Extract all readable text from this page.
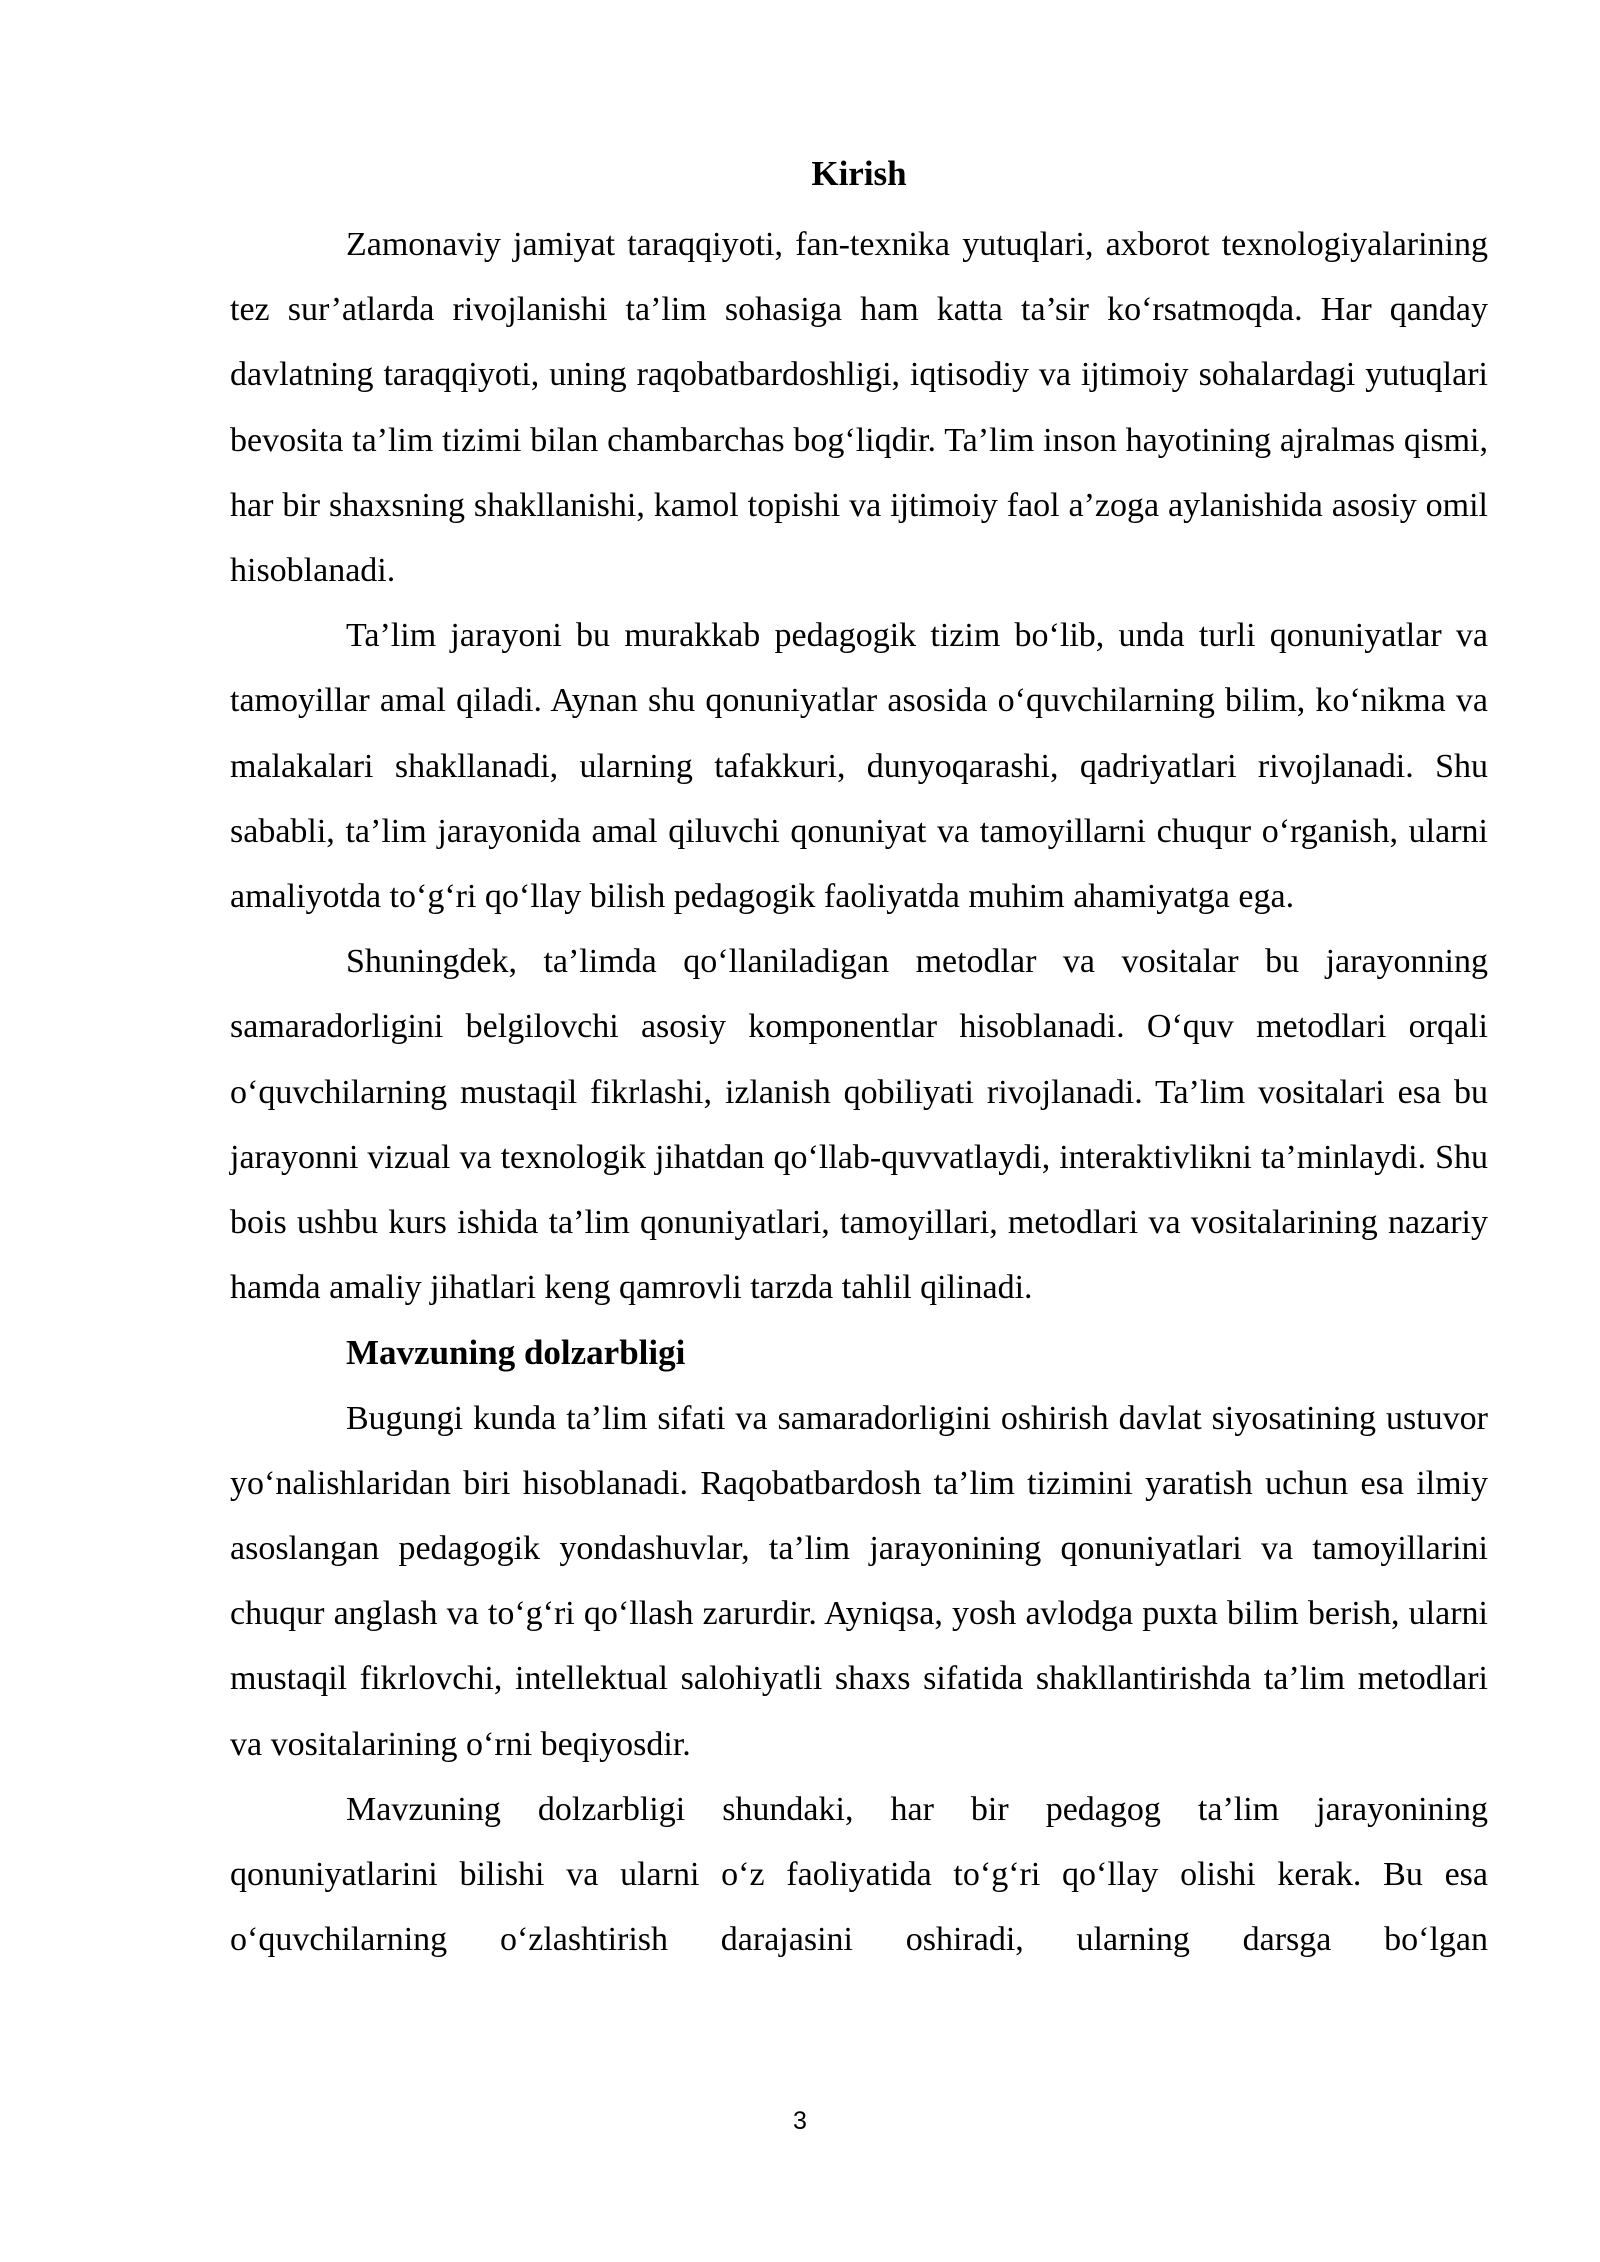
Kirish

Zamonaviy jamiyat taraqqiyoti, fan-texnika yutuqlari, axborot texnologiyalarining tez sur’atlarda rivojlanishi ta’lim sohasiga ham katta ta’sir ko‘rsatmoqda. Har qanday davlatning taraqqiyoti, uning raqobatbardoshligi, iqtisodiy va ijtimoiy sohalardagi yutuqlari bevosita ta’lim tizimi bilan chambarchas bog‘liqdir. Ta’lim inson hayotining ajralmas qismi, har bir shaxsning shakllanishi, kamol topishi va ijtimoiy faol a’zoga aylanishida asosiy omil hisoblanadi.

Ta’lim jarayoni bu murakkab pedagogik tizim bo‘lib, unda turli qonuniyatlar va tamoyillar amal qiladi. Aynan shu qonuniyatlar asosida o‘quvchilarning bilim, ko‘nikma va malakalari shakllanadi, ularning tafakkuri, dunyoqarashi, qadriyatlari rivojlanadi. Shu sababli, ta’lim jarayonida amal qiluvchi qonuniyat va tamoyillarni chuqur o‘rganish, ularni amaliyotda to‘g‘ri qo‘llay bilish pedagogik faoliyatda muhim ahamiyatga ega.

Shuningdek, ta’limda qo‘llaniladigan metodlar va vositalar bu jarayonning samaradorligini belgilovchi asosiy komponentlar hisoblanadi. O‘quv metodlari orqali o‘quvchilarning mustaqil fikrlashi, izlanish qobiliyati rivojlanadi. Ta’lim vositalari esa bu jarayonni vizual va texnologik jihatdan qo‘llab-quvvatlaydi, interaktivlikni ta’minlaydi. Shu bois ushbu kurs ishida ta’lim qonuniyatlari, tamoyillari, metodlari va vositalarining nazariy hamda amaliy jihatlari keng qamrovli tarzda tahlil qilinadi.

Mavzuning dolzarbligi

Bugungi kunda ta’lim sifati va samaradorligini oshirish davlat siyosatining ustuvor yo‘nalishlaridan biri hisoblanadi. Raqobatbardosh ta’lim tizimini yaratish uchun esa ilmiy asoslangan pedagogik yondashuvlar, ta’lim jarayonining qonuniyatlari va tamoyillarini chuqur anglash va to‘g‘ri qo‘llash zarurdir. Ayniqsa, yosh avlodga puxta bilim berish, ularni mustaqil fikrlovchi, intellektual salohiyatli shaxs sifatida shakllantirishda ta’lim metodlari va vositalarining o‘rni beqiyosdir.

Mavzuning dolzarbligi shundaki, har bir pedagog ta’lim jarayonining qonuniyatlarini bilishi va ularni o‘z faoliyatida to‘g‘ri qo‘llay olishi kerak. Bu esa o‘quvchilarning o‘zlashtirish darajasini oshiradi, ularning darsga bo‘lgan

3
